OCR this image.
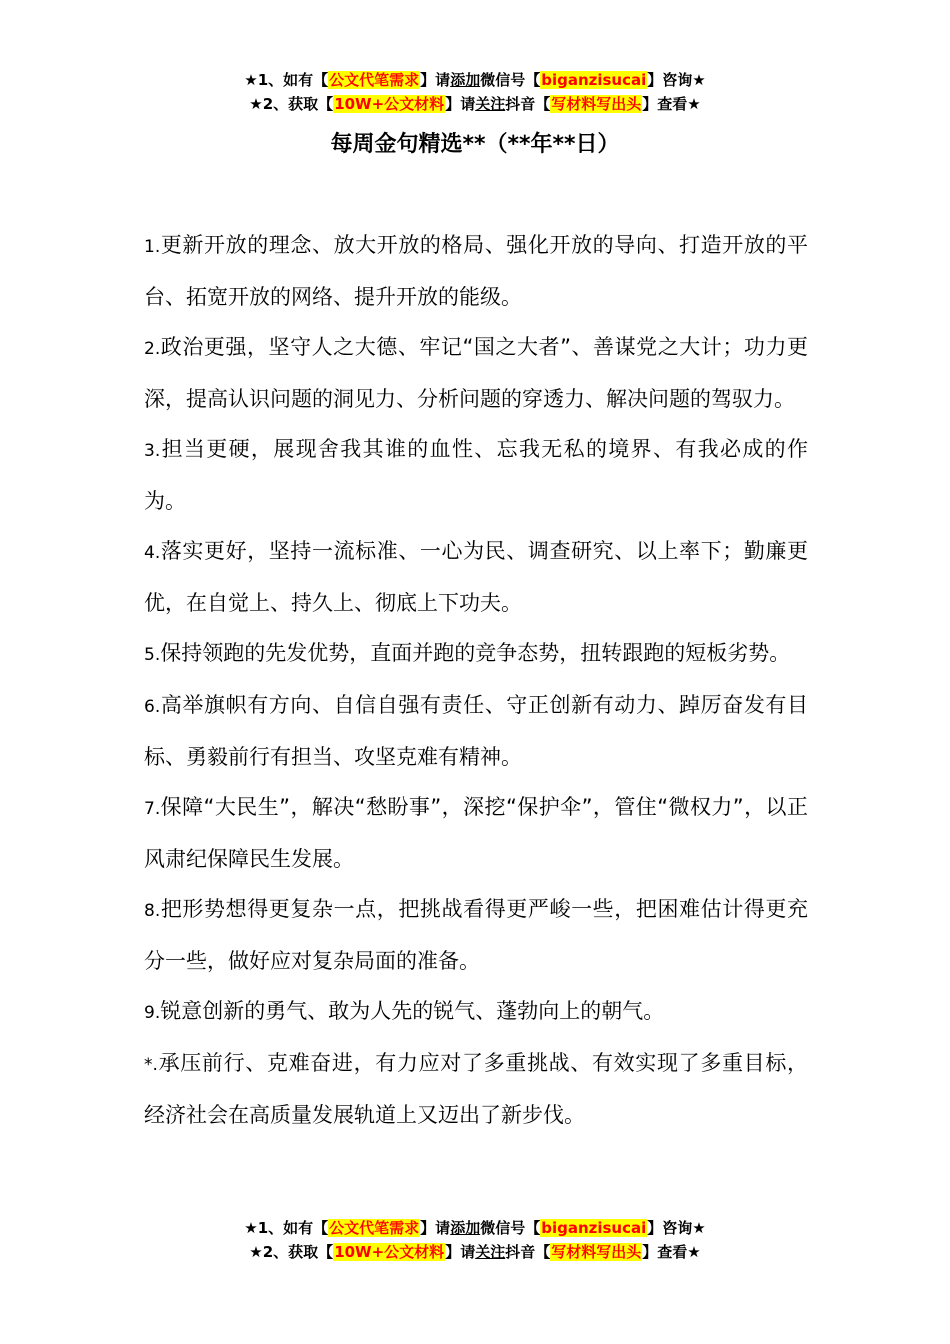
★1、如有【公文代笔需求】请添加微信号【biganzisucai】咨询★
★2、获取【10W+公文材料】请关注抖音【写材料写出头】查看★
每周金句精选**（**年**日）

1.更新开放的理念、放大开放的格局、强化开放的导向、打造开放的平台、拓宽开放的网络、提升开放的能级。

2.政治更强，坚守人之大德、牢记“国之大者”、善谋党之大计；功力更深，提高认识问题的洞见力、分析问题的穿透力、解决问题的驾驭力。

3.担当更硬，展现舍我其谁的血性、忘我无私的境界、有我必成的作为。

4.落实更好，坚持一流标准、一心为民、调查研究、以上率下；勤廉更优，在自觉上、持久上、彻底上下功夫。

5.保持领跑的先发优势，直面并跑的竞争态势，扭转跟跑的短板劣势。

6.高举旗帜有方向、自信自强有责任、守正创新有动力、踔厉奋发有目标、勇毅前行有担当、攻坚克难有精神。

7.保障“大民生”，解决“愁盼事”，深挖“保护伞”，管住“微权力”，以正风肃纪保障民生发展。

8.把形势想得更复杂一点，把挑战看得更严峻一些，把困难估计得更充分一些，做好应对复杂局面的准备。

9.锐意创新的勇气、敢为人先的锐气、蓬勃向上的朝气。

*.承压前行、克难奋进，有力应对了多重挑战、有效实现了多重目标，经济社会在高质量发展轨道上又迈出了新步伐。

★1、如有【公文代笔需求】请添加微信号【biganzisucai】咨询★
★2、获取【10W+公文材料】请关注抖音【写材料写出头】查看★
